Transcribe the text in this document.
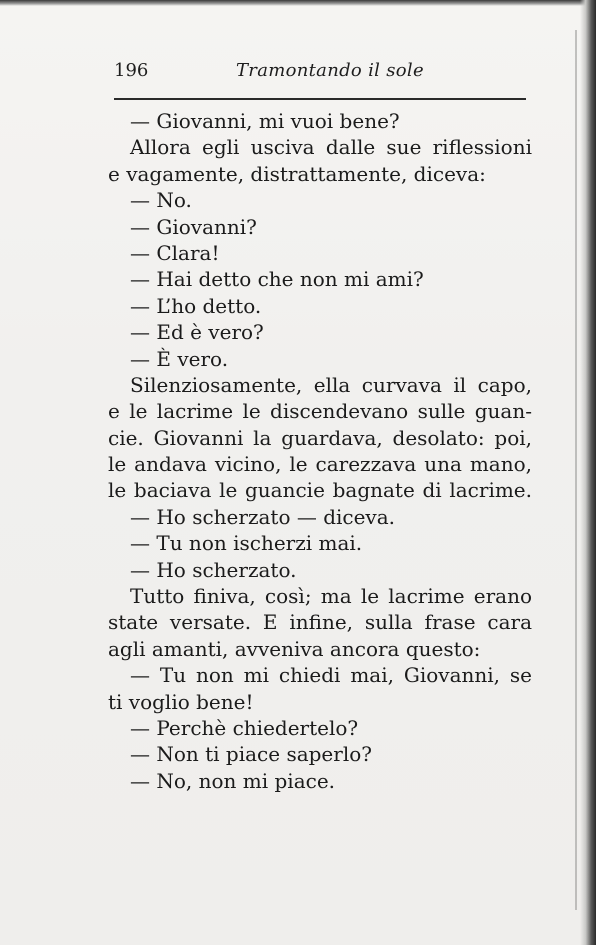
196	Tramontando il sole
— Giovanni, mi vuoi bene?
Allora egli usciva dalle sue riflessioni
e vagamente, distrattamente, diceva:
— No.
— Giovanni?
— Clara!
— Hai detto che non mi ami?
— L’ho detto.
— Ed è vero?
— È vero.
Silenziosamente, ella curvava il capo,
e le lacrime le discendevano sulle guan-
cie. Giovanni la guardava, desolato: poi,
le andava vicino, le carezzava una mano,
le baciava le guancie bagnate di lacrime.
— Ho scherzato — diceva.
— Tu non ischerzi mai.
— Ho scherzato.
Tutto finiva, così; ma le lacrime erano
state versate. E infine, sulla frase cara
agli amanti, avveniva ancora questo:
— Tu non mi chiedi mai, Giovanni, se
ti voglio bene!
— Perchè chiedertelo?
— Non ti piace saperlo?
— No, non mi piace.
